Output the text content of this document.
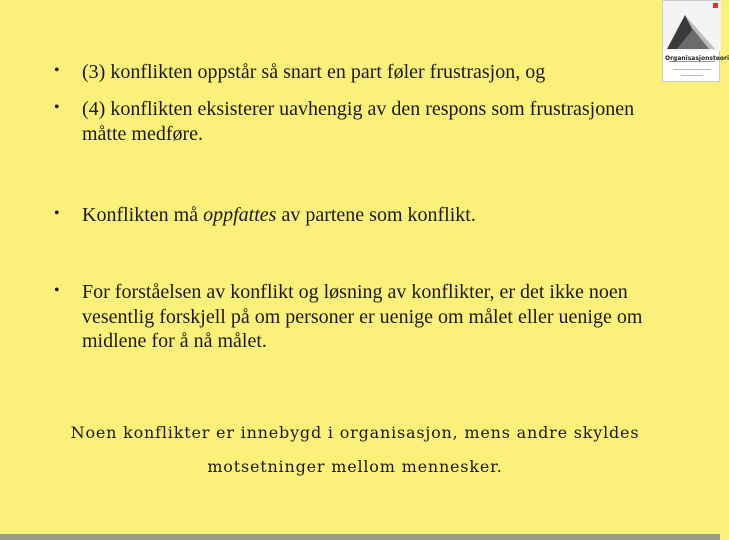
• (3) konflikten oppstår så snart en part føler frustrasjon, og
• (4) konflikten eksisterer uavhengig av den respons som frustrasjonen måtte medføre.
• Konflikten må oppfattes av partene som konflikt.
• For forståelsen av konflikt og løsning av konflikter, er det ikke noen vesentlig forskjell på om personer er uenige om målet eller uenige om midlene for å nå målet.
Noen konflikter er innebygd i organisasjon, mens andre skyldes
motsetninger mellom mennesker.
Organisasjonsteori
